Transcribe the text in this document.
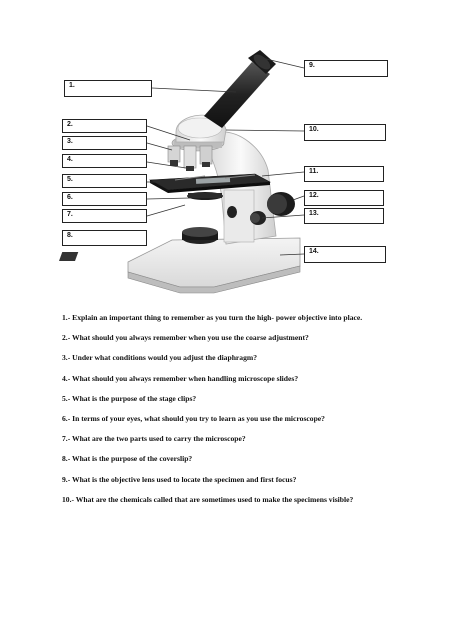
1.
2.
3.
4.
5.
6.
7.
8.
9.
10.
11.
12.
13.
14.
1.- Explain an important thing to remember as you turn the high- power objective into place.
2.- What should you always remember when you use the coarse adjustment?
3.- Under what conditions would you adjust the diaphragm?
4.- What should you always remember when handling microscope slides?
5.- What is the purpose of the stage clips?
6.- In terms of your eyes, what should you try to learn as you use the microscope?
7.- What are the two parts used to carry the microscope?
8.- What is the purpose of the coverslip?
9.- What is the objective lens used to locate the specimen and first focus?
10.- What are the chemicals called that are sometimes used to make the specimens visible?
